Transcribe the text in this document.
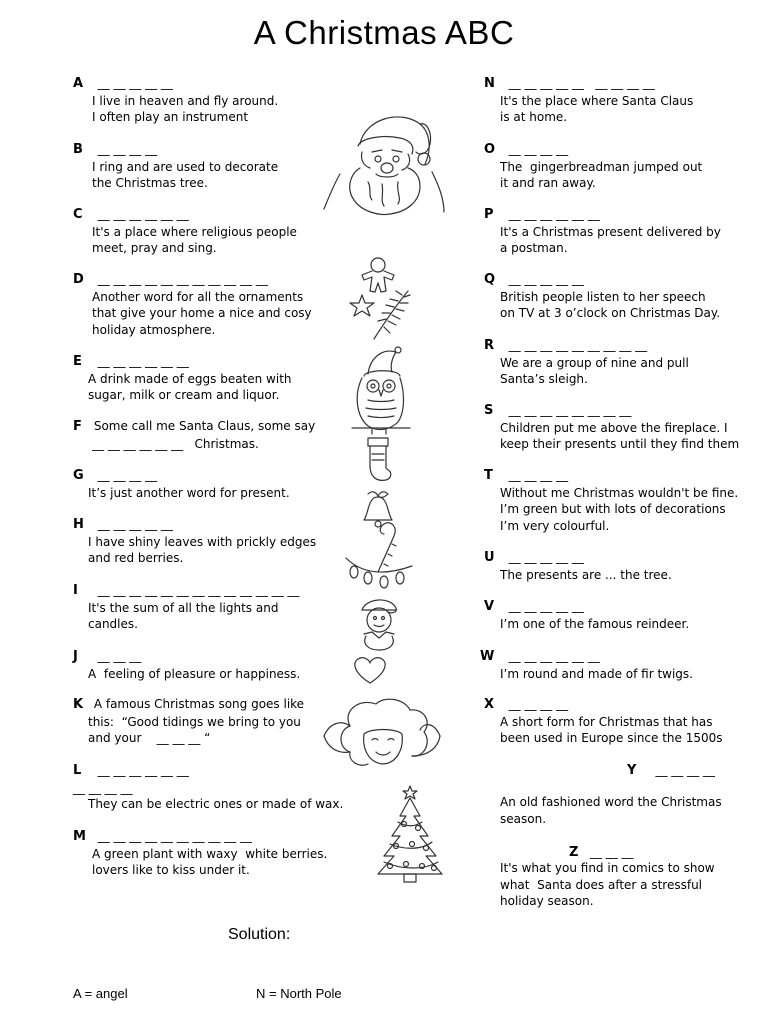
A Christmas ABC
A
	__ __ __ __ __
I live in heaven and fly around.
I often play an instrument
B
	__ __ __ __
I ring and are used to decorate
the Christmas tree.
C
	__ __ __ __ __ __
It's a place where religious people
meet, pray and sing.
D
	__ __ __ __ __ __ __ __ __ __ __
Another word for all the ornaments
that give your home a nice and cosy
holiday atmosphere.
E
	__ __ __ __ __ __
A drink made of eggs beaten with
sugar, milk or cream and liquor.
F
Some call me Santa Claus, some say
__ __ __ __ __ __   Christmas.
G
	__ __ __ __
It’s just another word for present.
H
	__ __ __ __ __
I have shiny leaves with prickly edges
and red berries.
I
	__ __ __ __ __ __ __ __ __ __ __ __ __
It's the sum of all the lights and
candles.
J
	__ __ __
A  feeling of pleasure or happiness.
K
A famous Christmas song goes like
this:  “Good tidings we bring to you
and your    __ __ __ “
L
	__ __ __ __ __ __
__ __ __ __
They can be electric ones or made of wax.
M
__ __ __ __ __ __ __ __ __ __
A green plant with waxy  white berries.
lovers like to kiss under it.
N
	__ __ __ __ __   __ __ __ __
It's the place where Santa Claus
is at home.
O
	__ __ __ __
The  gingerbreadman jumped out
it and ran away.
P
	__ __ __ __ __ __
It's a Christmas present delivered by
a postman.
Q
	__ __ __ __ __
British people listen to her speech
on TV at 3 o’clock on Christmas Day.
R
	__ __ __ __ __ __ __ __ __
We are a group of nine and pull
Santa’s sleigh.
S
	__ __ __ __ __ __ __ __
Children put me above the fireplace. I
keep their presents until they find them
T
	__ __ __ __
Without me Christmas wouldn't be fine.
I’m green but with lots of decorations
I’m very colourful.
U
	__ __ __ __ __
The presents are ... the tree.
V
	__ __ __ __ __
I’m one of the famous reindeer.
W
	__ __ __ __ __ __
I’m round and made of fir twigs.
X
	__ __ __ __
A short form for Christmas that has
been used in Europe since the 1500s
Y
	__ __ __ __
An old fashioned word the Christmas
season.
Z
__ __ __
It's what you find in comics to show
what  Santa does after a stressful
holiday season.
Solution:
A = angel	N = North Pole
